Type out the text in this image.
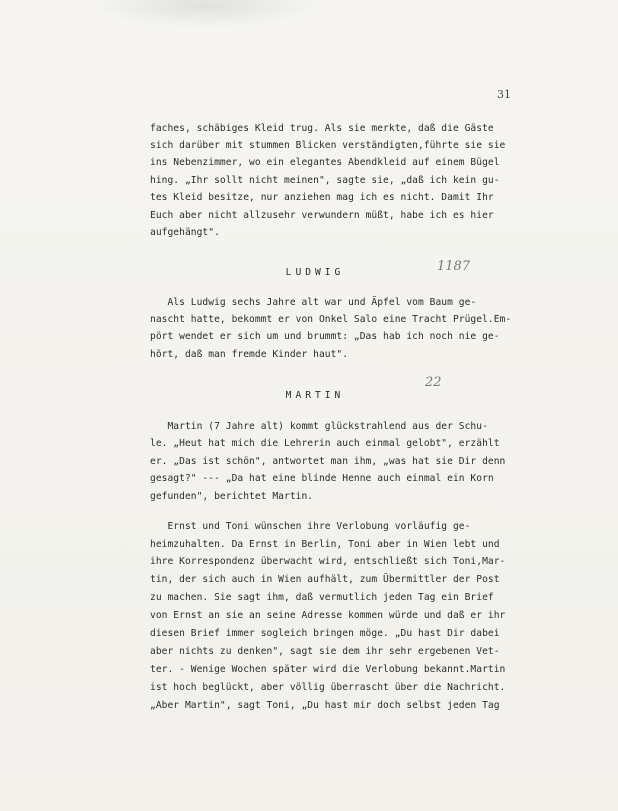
31
faches, schäbiges Kleid trug. Als sie merkte, daß die Gäste
sich darüber mit stummen Blicken verständigten,führte sie sie
ins Nebenzimmer, wo ein elegantes Abendkleid auf einem Bügel
hing. „Ihr sollt nicht meinen", sagte sie, „daß ich kein gu-
tes Kleid besitze, nur anziehen mag ich es nicht. Damit Ihr
Euch aber nicht allzusehr verwundern müßt, habe ich es hier
aufgehängt".
LUDWIG	1187
Als Ludwig sechs Jahre alt war und Äpfel vom Baum ge-
nascht hatte, bekommt er von Onkel Salo eine Tracht Prügel.Em-
pört wendet er sich um und brummt: „Das hab ich noch nie ge-
hört, daß man fremde Kinder haut".
MARTIN
22
Martin (7 Jahre alt) kommt glückstrahlend aus der Schu-
le. „Heut hat mich die Lehrerin auch einmal gelobt", erzählt
er. „Das ist schön", antwortet man ihm, „was hat sie Dir denn
gesagt?" --- „Da hat eine blinde Henne auch einmal ein Korn
gefunden", berichtet Martin.
Ernst und Toni wünschen ihre Verlobung vorläufig ge-
heimzuhalten. Da Ernst in Berlin, Toni aber in Wien lebt und
ihre Korrespondenz überwacht wird, entschließt sich Toni,Mar-
tin, der sich auch in Wien aufhält, zum Übermittler der Post
zu machen. Sie sagt ihm, daß vermutlich jeden Tag ein Brief
von Ernst an sie an seine Adresse kommen würde und daß er ihr
diesen Brief immer sogleich bringen möge. „Du hast Dir dabei
aber nichts zu denken", sagt sie dem ihr sehr ergebenen Vet-
ter. - Wenige Wochen später wird die Verlobung bekannt.Martin
ist hoch beglückt, aber völlig überrascht über die Nachricht.
„Aber Martin", sagt Toni, „Du hast mir doch selbst jeden Tag
